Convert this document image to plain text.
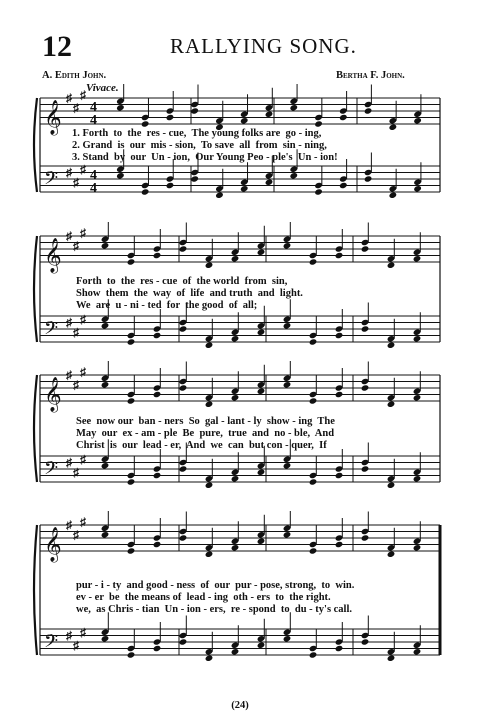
12	RALLYING SONG.
A. Edith John.	Bertha F. John.
Vivace.
𝄞
𝄢
♯
♯
♯
♯
♯
♯
4
4
4
4
𝄞
𝄢
♯
♯
♯
♯
♯
♯
𝄞
𝄢
♯
♯
♯
♯
♯
♯
𝄞
𝄢
♯
♯
♯
♯
♯
♯
(24)
1. Forth  to  the  res - cue,  The young folks are  go - ing,
2. Grand  is  our  mis - sion,  To save  all  from  sin - ning,
3. Stand  by  our  Un - ion,  Our Young Peo - ple's  Un - ion!
Forth  to  the  res - cue  of  the world  from  sin,
Show  them  the  way  of  life  and truth  and  light.
We  are  u - ni - ted  for  the good  of  all;
See  now our  ban - ners  So  gal - lant - ly  show - ing  The
May  our  ex - am - ple  Be  pure,  true  and  no - ble,  And
Christ  is  our  lead - er,  And  we  can  but con - quer,  If
pur - i - ty  and good - ness  of  our  pur - pose, strong,  to  win.
ev - er  be  the means of  lead - ing  oth - ers  to  the right.
we,  as Chris - tian  Un - ion - ers,  re - spond  to  du - ty's call.
